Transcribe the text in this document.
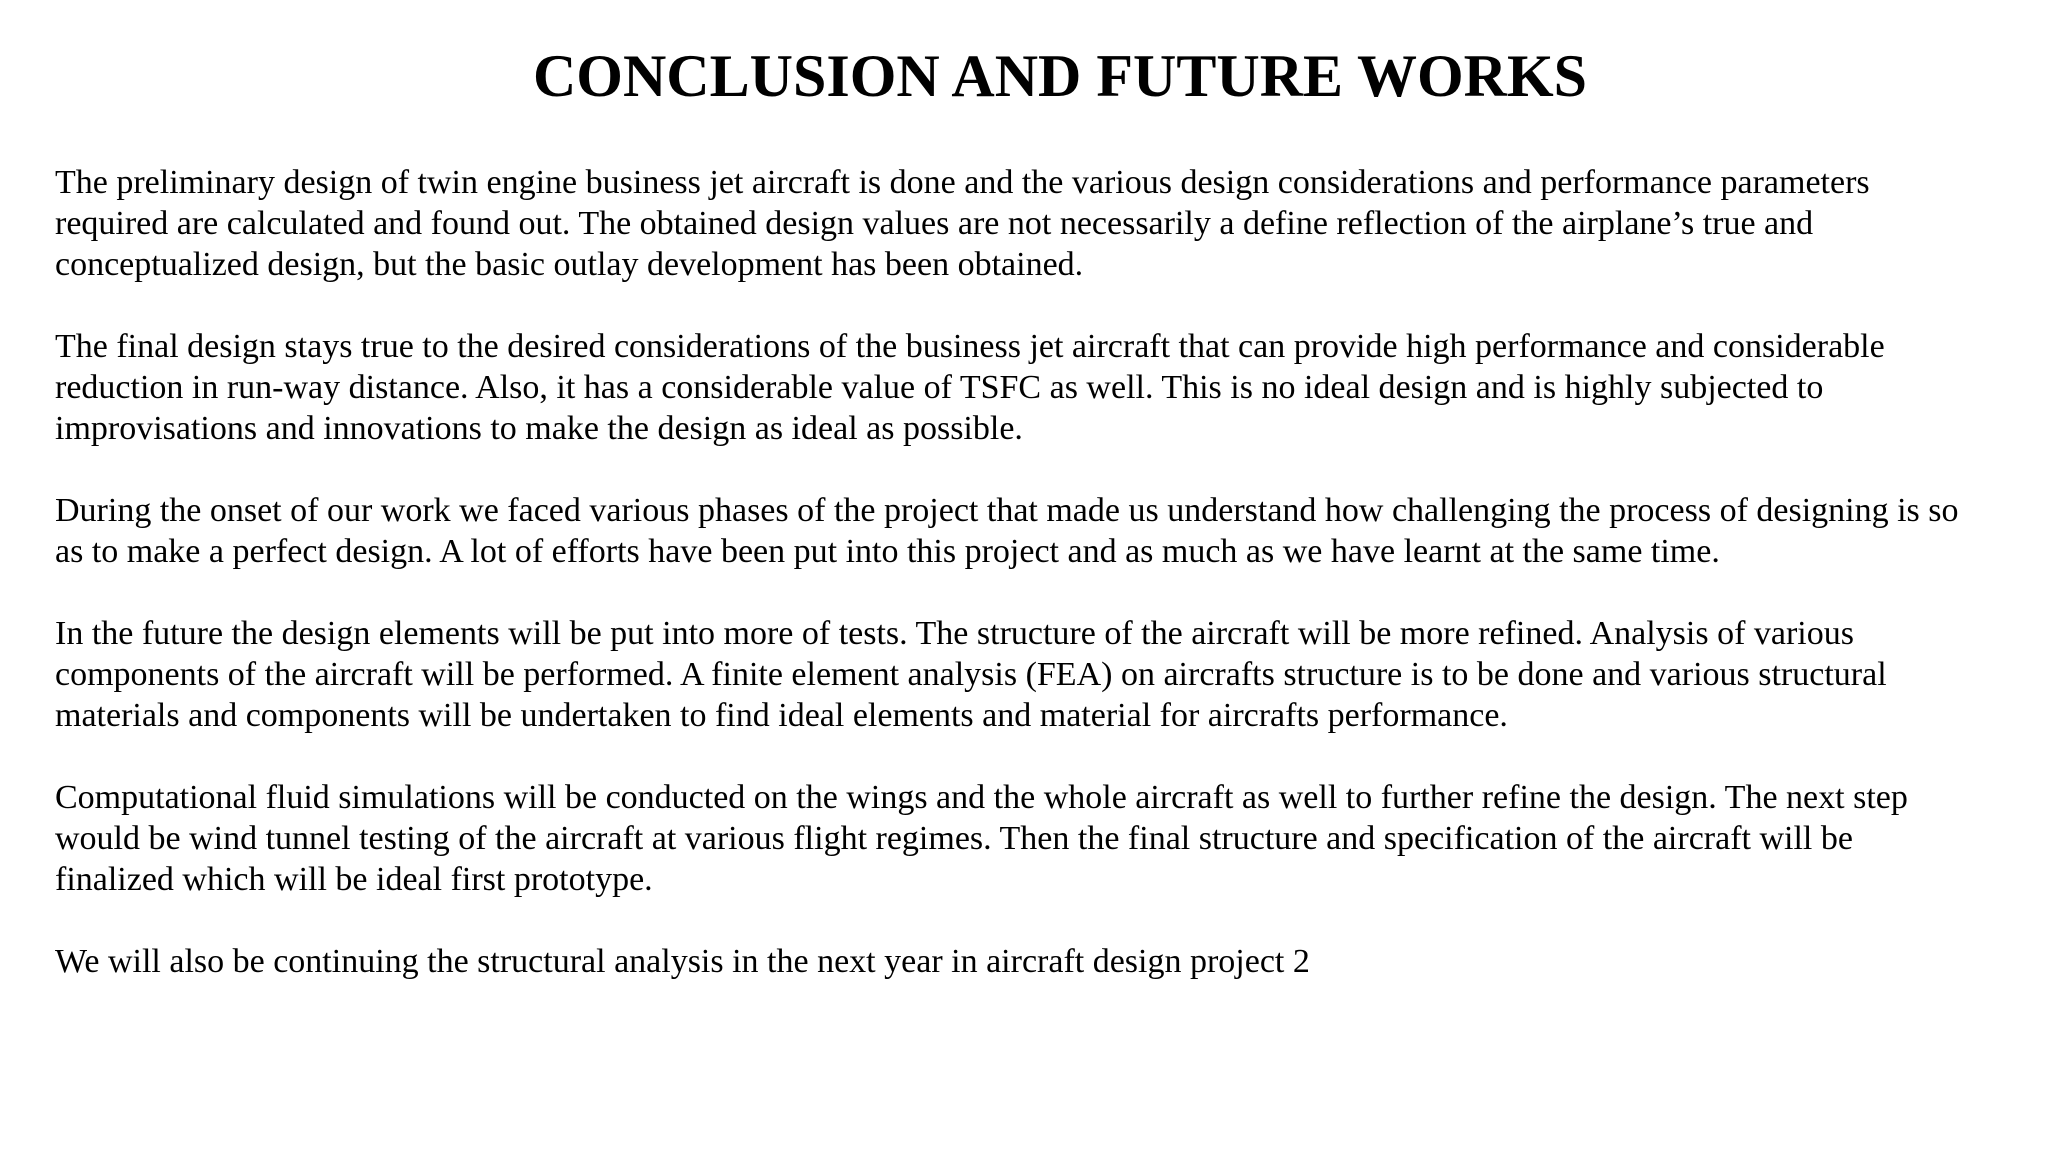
CONCLUSION AND FUTURE WORKS

The preliminary design of twin engine business jet aircraft is done and the various design considerations and performance parameters
required are calculated and found out. The obtained design values are not necessarily a define reflection of the airplane’s true and
conceptualized design, but the basic outlay development has been obtained.

The final design stays true to the desired considerations of the business jet aircraft that can provide high performance and considerable
reduction in run-way distance. Also, it has a considerable value of TSFC as well. This is no ideal design and is highly subjected to
improvisations and innovations to make the design as ideal as possible.

During the onset of our work we faced various phases of the project that made us understand how challenging the process of designing is so
as to make a perfect design. A lot of efforts have been put into this project and as much as we have learnt at the same time.

In the future the design elements will be put into more of tests. The structure of the aircraft will be more refined. Analysis of various
components of the aircraft will be performed. A finite element analysis (FEA) on aircrafts structure is to be done and various structural
materials and components will be undertaken to find ideal elements and material for aircrafts performance.

Computational fluid simulations will be conducted on the wings and the whole aircraft as well to further refine the design. The next step
would be wind tunnel testing of the aircraft at various flight regimes. Then the final structure and specification of the aircraft will be
finalized which will be ideal first prototype.

We will also be continuing the structural analysis in the next year in aircraft design project 2
